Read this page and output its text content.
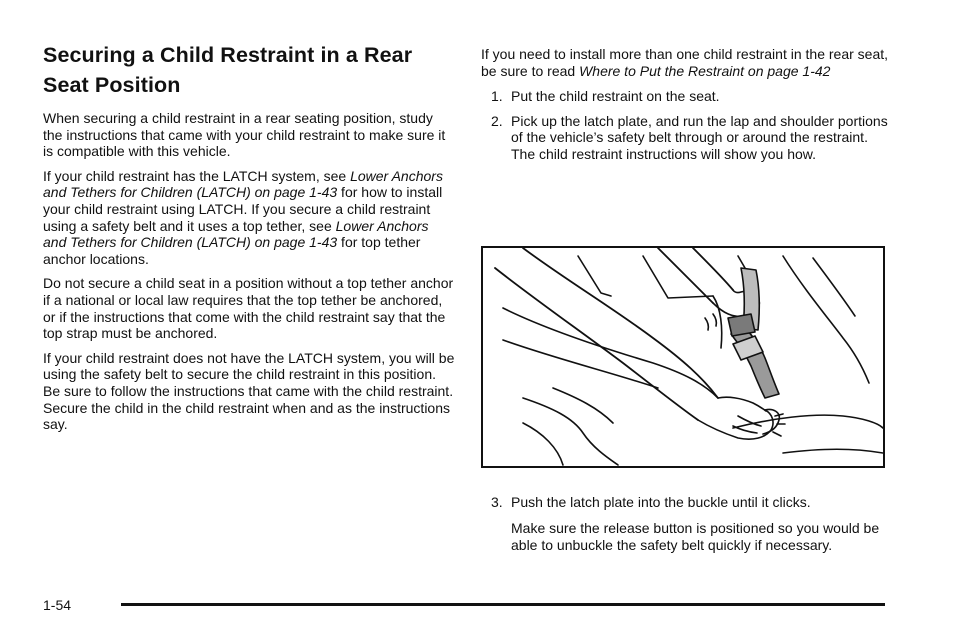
Securing a Child Restraint in a Rear Seat Position

When securing a child restraint in a rear seating position, study the instructions that came with your child restraint to make sure it is compatible with this vehicle.

If your child restraint has the LATCH system, see Lower Anchors and Tethers for Children (LATCH) on page 1-43 for how to install your child restraint using LATCH. If you secure a child restraint using a safety belt and it uses a top tether, see Lower Anchors and Tethers for Children (LATCH) on page 1-43 for top tether anchor locations.

Do not secure a child seat in a position without a top tether anchor if a national or local law requires that the top tether be anchored, or if the instructions that come with the child restraint say that the top strap must be anchored.

If your child restraint does not have the LATCH system, you will be using the safety belt to secure the child restraint in this position. Be sure to follow the instructions that came with the child restraint. Secure the child in the child restraint when and as the instructions say.

If you need to install more than one child restraint in the rear seat, be sure to read Where to Put the Restraint on page 1-42

1. Put the child restraint on the seat.
2. Pick up the latch plate, and run the lap and shoulder portions of the vehicle’s safety belt through or around the restraint. The child restraint instructions will show you how.
3. Push the latch plate into the buckle until it clicks.
Make sure the release button is positioned so you would be able to unbuckle the safety belt quickly if necessary.
1-54
